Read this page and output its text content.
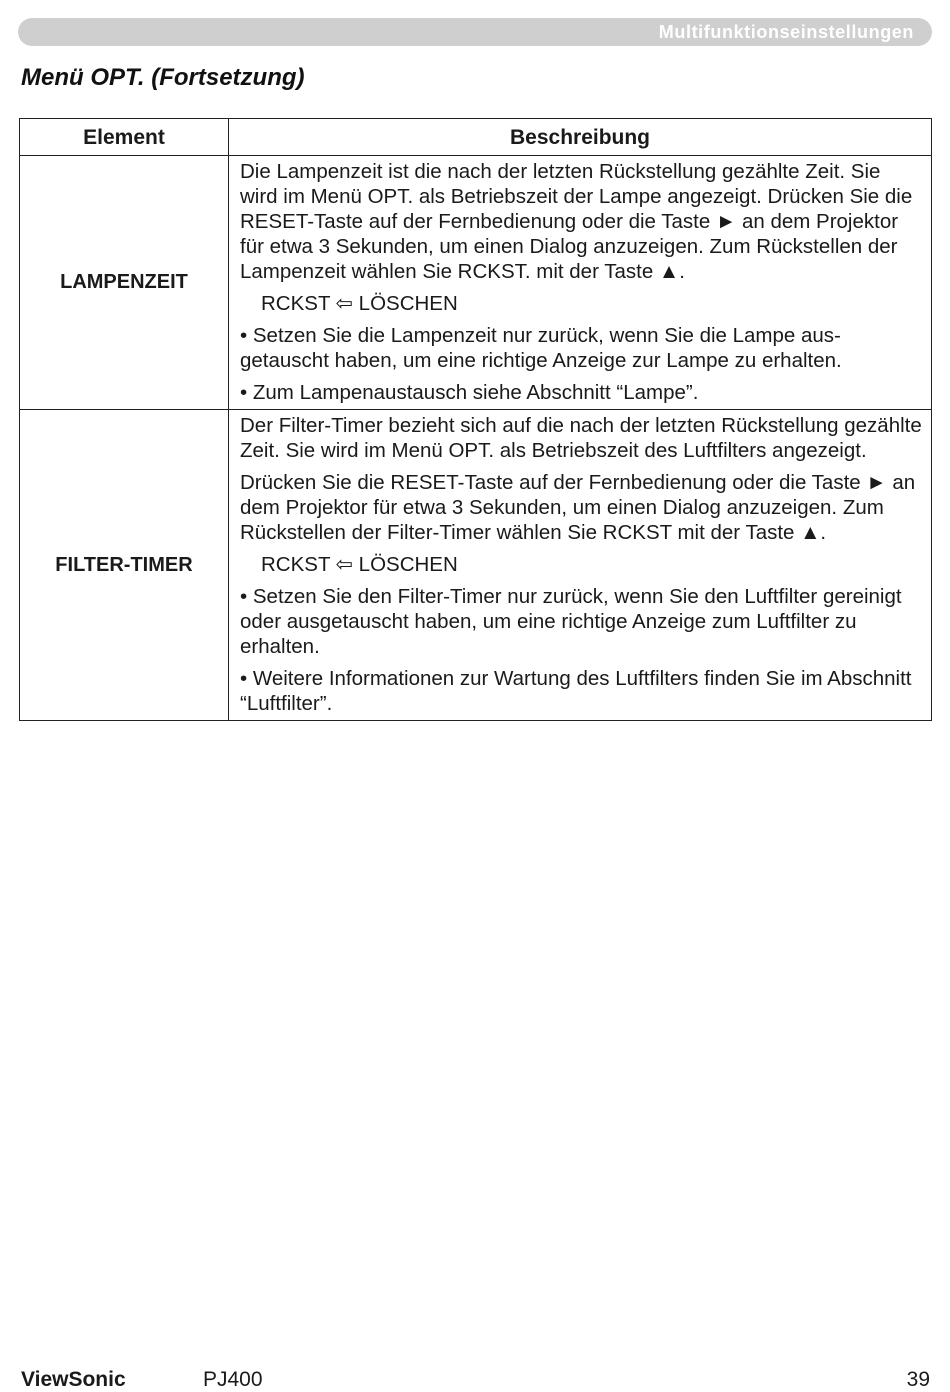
Multifunktionseinstellungen
Menü OPT. (Fortsetzung)
Element	Beschreibung
LAMPENZEIT	Die Lampenzeit ist die nach der letzten Rückstellung gezählte Zeit. Sie wird im Menü OPT. als Betriebszeit der Lampe angezeigt. Drücken Sie die RESET-Taste auf der Fernbedienung oder die Taste ► an dem Projektor für etwa 3 Sekunden, um einen Dialog anzuzeigen. Zum Rückstellen der Lampenzeit wählen Sie RCKST. mit der Taste ▲.

RCKST ⇦ LÖSCHEN

• Setzen Sie die Lampenzeit nur zurück, wenn Sie die Lampe aus-getauscht haben, um eine richtige Anzeige zur Lampe zu erhalten.

• Zum Lampenaustausch siehe Abschnitt “Lampe”.

FILTER-TIMER	Der Filter-Timer bezieht sich auf die nach der letzten Rückstellung gezählte Zeit. Sie wird im Menü OPT. als Betriebszeit des Luftfilters angezeigt.

Drücken Sie die RESET-Taste auf der Fernbedienung oder die Taste ► an dem Projektor für etwa 3 Sekunden, um einen Dialog anzuzeigen. Zum Rückstellen der Filter-Timer wählen Sie RCKST mit der Taste ▲.

RCKST ⇦ LÖSCHEN

• Setzen Sie den Filter-Timer nur zurück, wenn Sie den Luftfilter gereinigt oder ausgetauscht haben, um eine richtige Anzeige zum Luftfilter zu erhalten.

• Weitere Informationen zur Wartung des Luftfilters finden Sie im Abschnitt “Luftfilter”.

ViewSonic	PJ400	39
